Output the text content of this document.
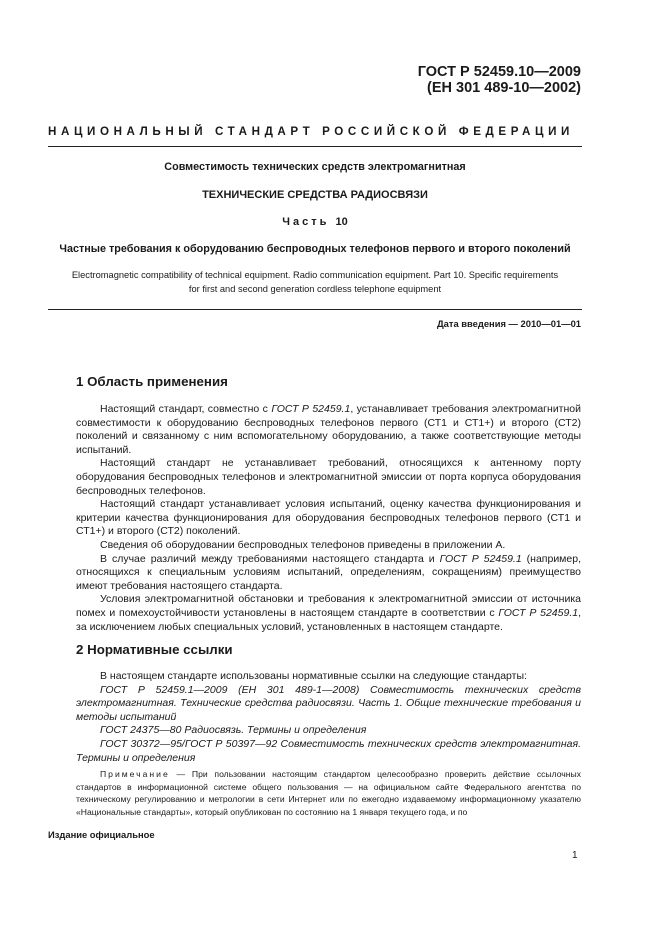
ГОСТ Р 52459.10—2009
(ЕН 301 489-10—2002)
НАЦИОНАЛЬНЫЙ СТАНДАРТ РОССИЙСКОЙ ФЕДЕРАЦИИ
Совместимость технических средств электромагнитная
ТЕХНИЧЕСКИЕ СРЕДСТВА РАДИОСВЯЗИ
Часть 10
Частные требования к оборудованию беспроводных телефонов первого и второго поколений
Electromagnetic compatibility of technical equipment. Radio communication equipment. Part 10. Specific requirements
for first and second generation cordless telephone equipment
Дата введения — 2010—01—01
1 Область применения

Настоящий стандарт, совместно с ГОСТ Р 52459.1, устанавливает требования электромагнитной совместимости к оборудованию беспроводных телефонов первого (СТ1 и СТ1+) и второго (СТ2) поколений и связанному с ним вспомогательному оборудованию, а также соответствующие методы испытаний.

Настоящий стандарт не устанавливает требований, относящихся к антенному порту оборудования беспроводных телефонов и электромагнитной эмиссии от порта корпуса оборудования беспроводных телефонов.

Настоящий стандарт устанавливает условия испытаний, оценку качества функционирования и критерии качества функционирования для оборудования беспроводных телефонов первого (СТ1 и СТ1+) и второго (СТ2) поколений.

Сведения об оборудовании беспроводных телефонов приведены в приложении А.

В случае различий между требованиями настоящего стандарта и ГОСТ Р 52459.1 (например, относящихся к специальным условиям испытаний, определениям, сокращениям) преимущество имеют требования настоящего стандарта.

Условия электромагнитной обстановки и требования к электромагнитной эмиссии от источника помех и помехоустойчивости установлены в настоящем стандарте в соответствии с ГОСТ Р 52459.1, за исключением любых специальных условий, установленных в настоящем стандарте.

2 Нормативные ссылки

В настоящем стандарте использованы нормативные ссылки на следующие стандарты:

ГОСТ Р 52459.1—2009 (ЕН 301 489-1—2008) Совместимость технических средств электромагнитная. Технические средства радиосвязи. Часть 1. Общие технические требования и методы испытаний

ГОСТ 24375—80 Радиосвязь. Термины и определения

ГОСТ 30372—95/ГОСТ Р 50397—92 Совместимость технических средств электромагнитная. Термины и определения

Примечание — При пользовании настоящим стандартом целесообразно проверить действие ссылочных стандартов в информационной системе общего пользования — на официальном сайте Федерального агентства по техническому регулированию и метрологии в сети Интернет или по ежегодно издаваемому информационному указателю «Национальные стандарты», который опубликован по состоянию на 1 января текущего года, и по

Издание официальное
1
